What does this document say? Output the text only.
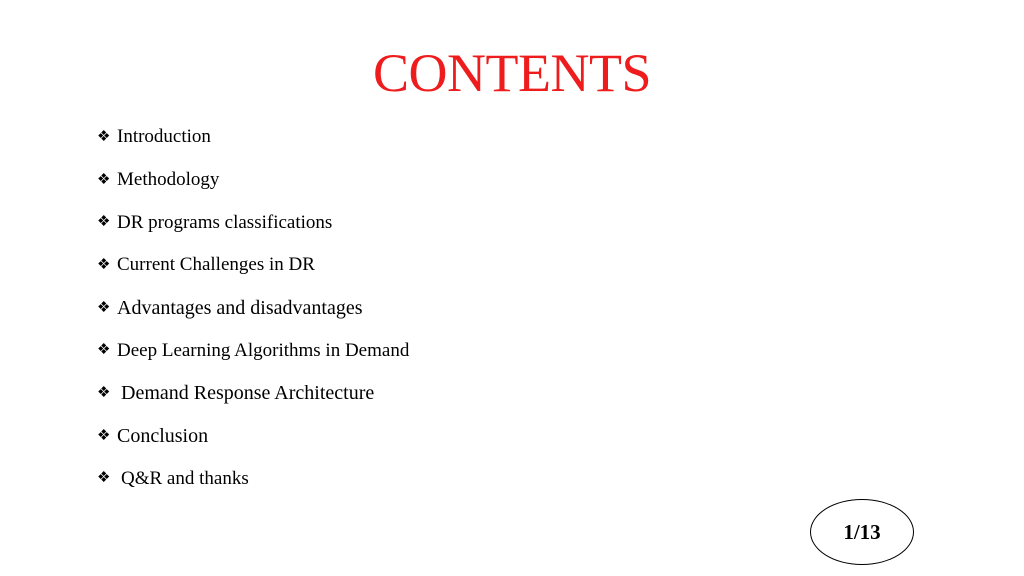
CONTENTS
❖ Introduction
❖ Methodology
❖ DR programs classifications
❖ Current Challenges in DR
❖ Advantages and disadvantages
❖ Deep Learning Algorithms in Demand
❖ Demand Response Architecture
❖ Conclusion
❖ Q&R and thanks
1/13
